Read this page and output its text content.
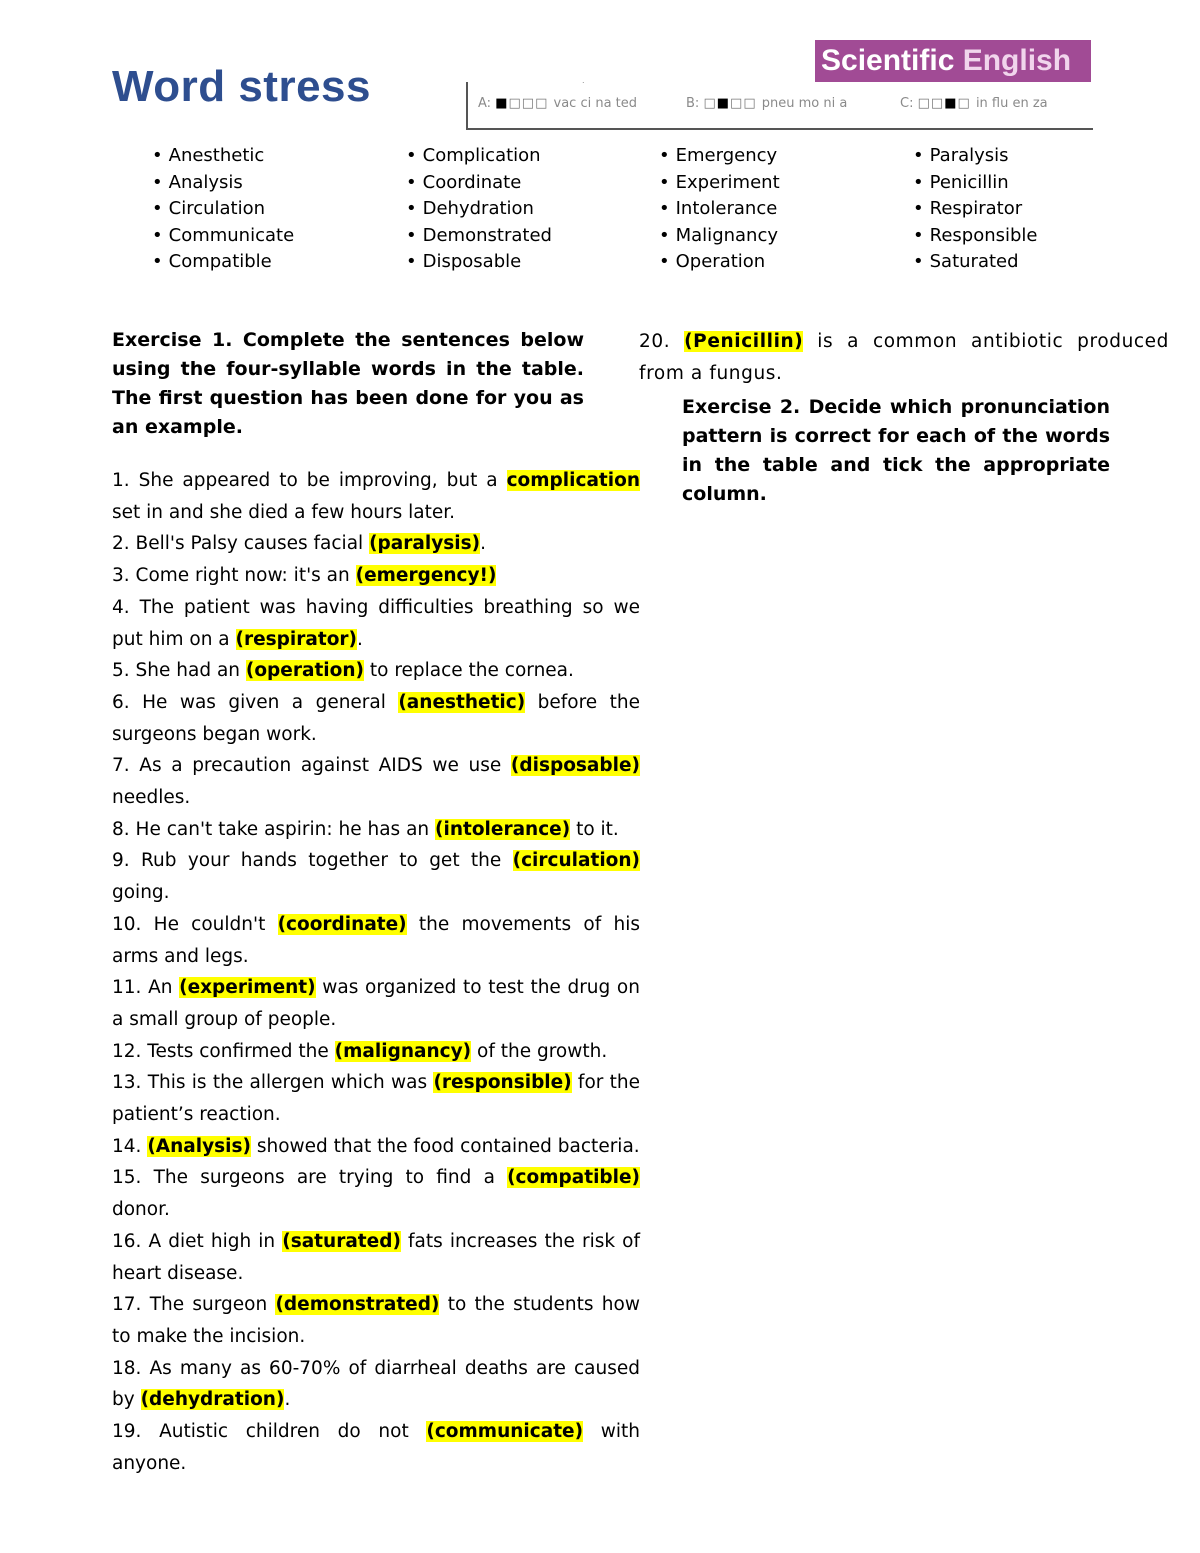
Word stress
Scientific English
.
A: ■□□□ vac ci na ted	B: □■□□ pneu mo ni a	C: □□■□ in flu en za
• Anesthetic
• Analysis
• Circulation
• Communicate
• Compatible
• Complication
• Coordinate
• Dehydration
• Demonstrated
• Disposable
• Emergency
• Experiment
• Intolerance
• Malignancy
• Operation
• Paralysis
• Penicillin
• Respirator
• Responsible
• Saturated

Exercise 1. Complete the sentences below using the four-syllable words in the table. The first question has been done for you as an example.

1. She appeared to be improving, but a complication set in and she died a few hours later.

2. Bell's Palsy causes facial (paralysis).

3. Come right now: it's an (emergency!)

4. The patient was having difficulties breathing so we put him on a (respirator).

5. She had an (operation) to replace the cornea.

6. He was given a general (anesthetic) before the surgeons began work.

7. As a precaution against AIDS we use (disposable) needles.

8. He can't take aspirin: he has an (intolerance) to it.

9. Rub your hands together to get the (circulation) going.

10. He couldn't (coordinate) the movements of his arms and legs.

11. An (experiment) was organized to test the drug on a small group of people.

12. Tests confirmed the (malignancy) of the growth.

13. This is the allergen which was (responsible) for the patient’s reaction.

14. (Analysis) showed that the food contained bacteria.

15. The surgeons are trying to find a (compatible) donor.

16. A diet high in (saturated) fats increases the risk of heart disease.

17. The surgeon (demonstrated) to the students how to make the incision.

18. As many as 60-70% of diarrheal deaths are caused by (dehydration).

19. Autistic children do not (communicate) with anyone.

20. (Penicillin) is a common antibiotic produced from a fungus.

Exercise 2. Decide which pronunciation pattern is correct for each of the words in the table and tick the appropriate column.
